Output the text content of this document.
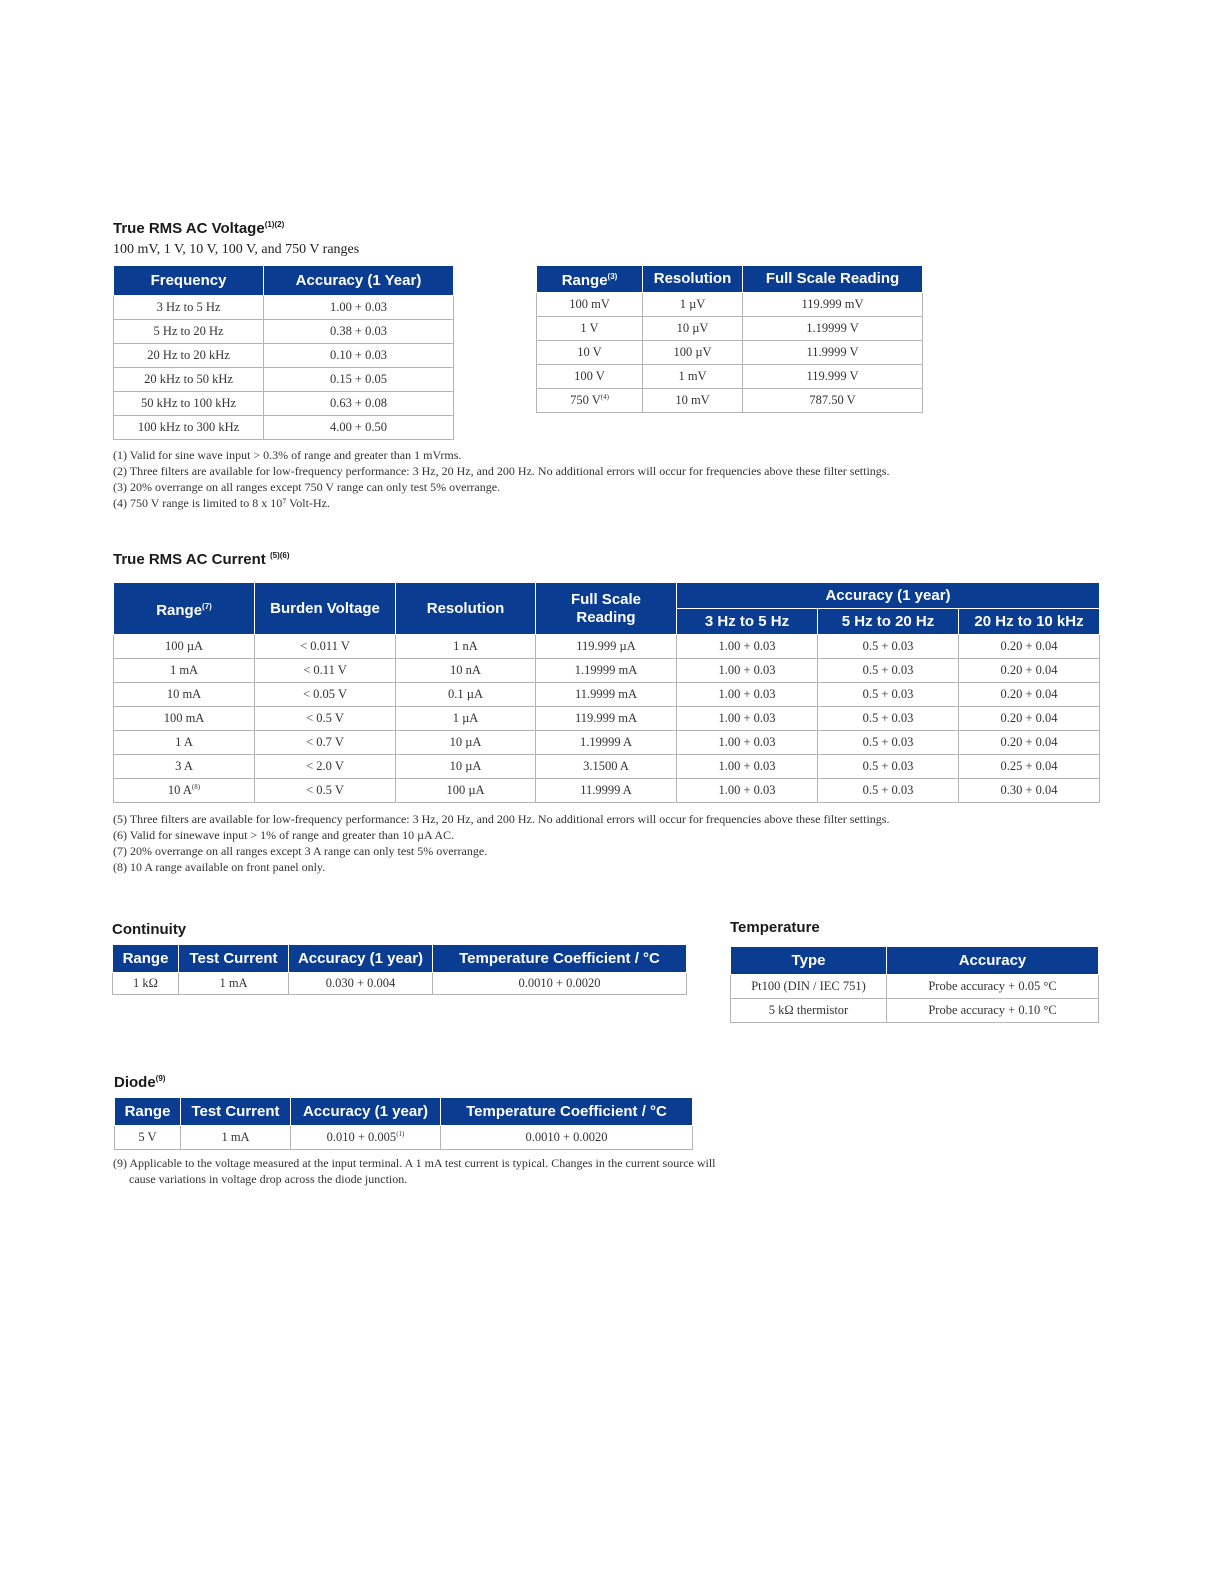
True RMS AC Voltage$^{(1)(2)}$

100 mV, 1 V, 10 V, 100 V, and 750 V ranges

Frequency	Accuracy (1 Year)
3 Hz to 5 Hz	1.00 + 0.03
5 Hz to 20 Hz	0.38 + 0.03
20 Hz to 20 kHz	0.10 + 0.03
20 kHz to 50 kHz	0.15 + 0.05
50 kHz to 100 kHz	0.63 + 0.08
100 kHz to 300 kHz	4.00 + 0.50
Range$^{(3)}$	Resolution	Full Scale Reading
100 mV	1 µV	119.999 mV
1 V	10 µV	1.19999 V
10 V	100 µV	11.9999 V
100 V	1 mV	119.999 V
750 $V^{(4)}$	10 mV	787.50 V

(1) Valid for sine wave input > 0.3% of range and greater than 1 mVrms.

(2) Three filters are available for low-frequency performance: 3 Hz, 20 Hz, and 200 Hz. No additional errors will occur for frequencies above these filter settings.

(3) 20% overrange on all ranges except 750 V range can only test 5% overrange.

(4) 750 V range is limited to 8 x 10⁷ Volt-Hz.

True RMS AC Current $^{(5)(6)}$
Range$^{(7)}$	Burden Voltage	Resolution	Full Scale Reading	Accuracy (1 year)		
				3 Hz to 5 Hz	5 Hz to 20 Hz	20 Hz to 10 kHz
100 µA	< 0.011 V	1 nA	119.999 µA	1.00 + 0.03	0.5 + 0.03	0.20 + 0.04
1 mA	< 0.11 V	10 nA	1.19999 mA	1.00 + 0.03	0.5 + 0.03	0.20 + 0.04
10 mA	< 0.05 V	0.1 µA	11.9999 mA	1.00 + 0.03	0.5 + 0.03	0.20 + 0.04
100 mA	< 0.5 V	1 µA	119.999 mA	1.00 + 0.03	0.5 + 0.03	0.20 + 0.04
1 A	< 0.7 V	10 µA	1.19999 A	1.00 + 0.03	0.5 + 0.03	0.20 + 0.04
3 A	< 2.0 V	10 µA	3.1500 A	1.00 + 0.03	0.5 + 0.03	0.25 + 0.04
10 $A^{(8)}$	< 0.5 V	100 µA	11.9999 A	1.00 + 0.03	0.5 + 0.03	0.30 + 0.04

(5) Three filters are available for low-frequency performance: 3 Hz, 20 Hz, and 200 Hz. No additional errors will occur for frequencies above these filter settings.

(6) Valid for sinewave input > 1% of range and greater than 10 µA AC.

(7) 20% overrange on all ranges except 3 A range can only test 5% overrange.

(8) 10 A range available on front panel only.

Continuity
Range	Test Current	Accuracy (1 year)	Temperature Coefficient / °C
1 kΩ	1 mA	0.030 + 0.004	0.0010 + 0.0020
Temperature
Type	Accuracy
Pt100 (DIN / IEC 751)	Probe accuracy + 0.05 °C
5 kΩ thermistor	Probe accuracy + 0.10 °C
Diode$^{(9)}$
Range	Test Current	Accuracy (1 year)	Temperature Coefficient / °C
5 V	1 mA	$0.010 + 0.005^{(1)}$	0.0010 + 0.0020

(9) Applicable to the voltage measured at the input terminal. A 1 mA test current is typical. Changes in the current source will

cause variations in voltage drop across the diode junction.
